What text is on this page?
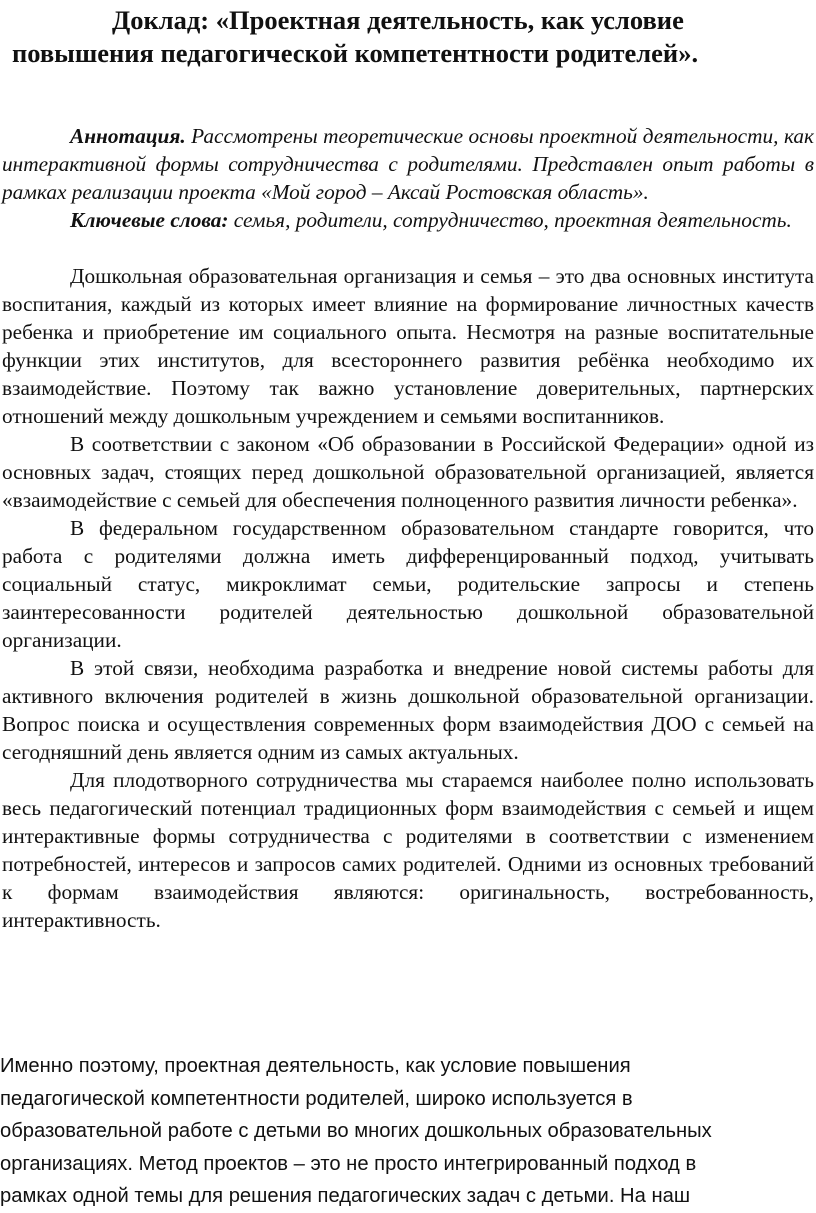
Доклад: «Проектная деятельность, как условие
повышения педагогической компетентности родителей».

Аннотация. Рассмотрены теоретические основы проектной деятельности, как интерактивной формы сотрудничества с родителями. Представлен опыт работы в рамках реализации проекта «Мой город – Аксай Ростовская область».

Ключевые слова: семья, родители, сотрудничество, проектная деятельность.

Дошкольная образовательная организация и семья – это два основных института воспитания, каждый из которых имеет влияние на формирование личностных качеств ребенка и приобретение им социального опыта. Несмотря на разные воспитательные функции этих институтов, для всестороннего развития ребёнка необходимо их взаимодействие. Поэтому так важно установление доверительных, партнерских отношений между дошкольным учреждением и семьями воспитанников.

В соответствии с законом «Об образовании в Российской Федерации» одной из основных задач, стоящих перед дошкольной образовательной организацией, является «взаимодействие с семьей для обеспечения полноценного развития личности ребенка».

В федеральном государственном образовательном стандарте говорится, что работа с родителями должна иметь дифференцированный подход, учитывать социальный статус, микроклимат семьи, родительские запросы и степень заинтересованности родителей деятельностью дошкольной образовательной организации.

В этой связи, необходима разработка и внедрение новой системы работы для активного включения родителей в жизнь дошкольной образовательной организации. Вопрос поиска и осуществления современных форм взаимодействия ДОО с семьей на сегодняшний день является одним из самых актуальных.

Для плодотворного сотрудничества мы стараемся наиболее полно использовать весь педагогический потенциал традиционных форм взаимодействия с семьей и ищем интерактивные формы сотрудничества с родителями в соответствии с изменением потребностей, интересов и запросов самих родителей. Одними из основных требований к формам взаимодействия являются: оригинальность, востребованность, интерактивность.

Именно поэтому, проектная деятельность, как условие повышения
педагогической компетентности родителей, широко используется в
образовательной работе с детьми во многих дошкольных образовательных
организациях. Метод проектов – это не просто интегрированный подход в
рамках одной темы для решения педагогических задач с детьми. На наш
